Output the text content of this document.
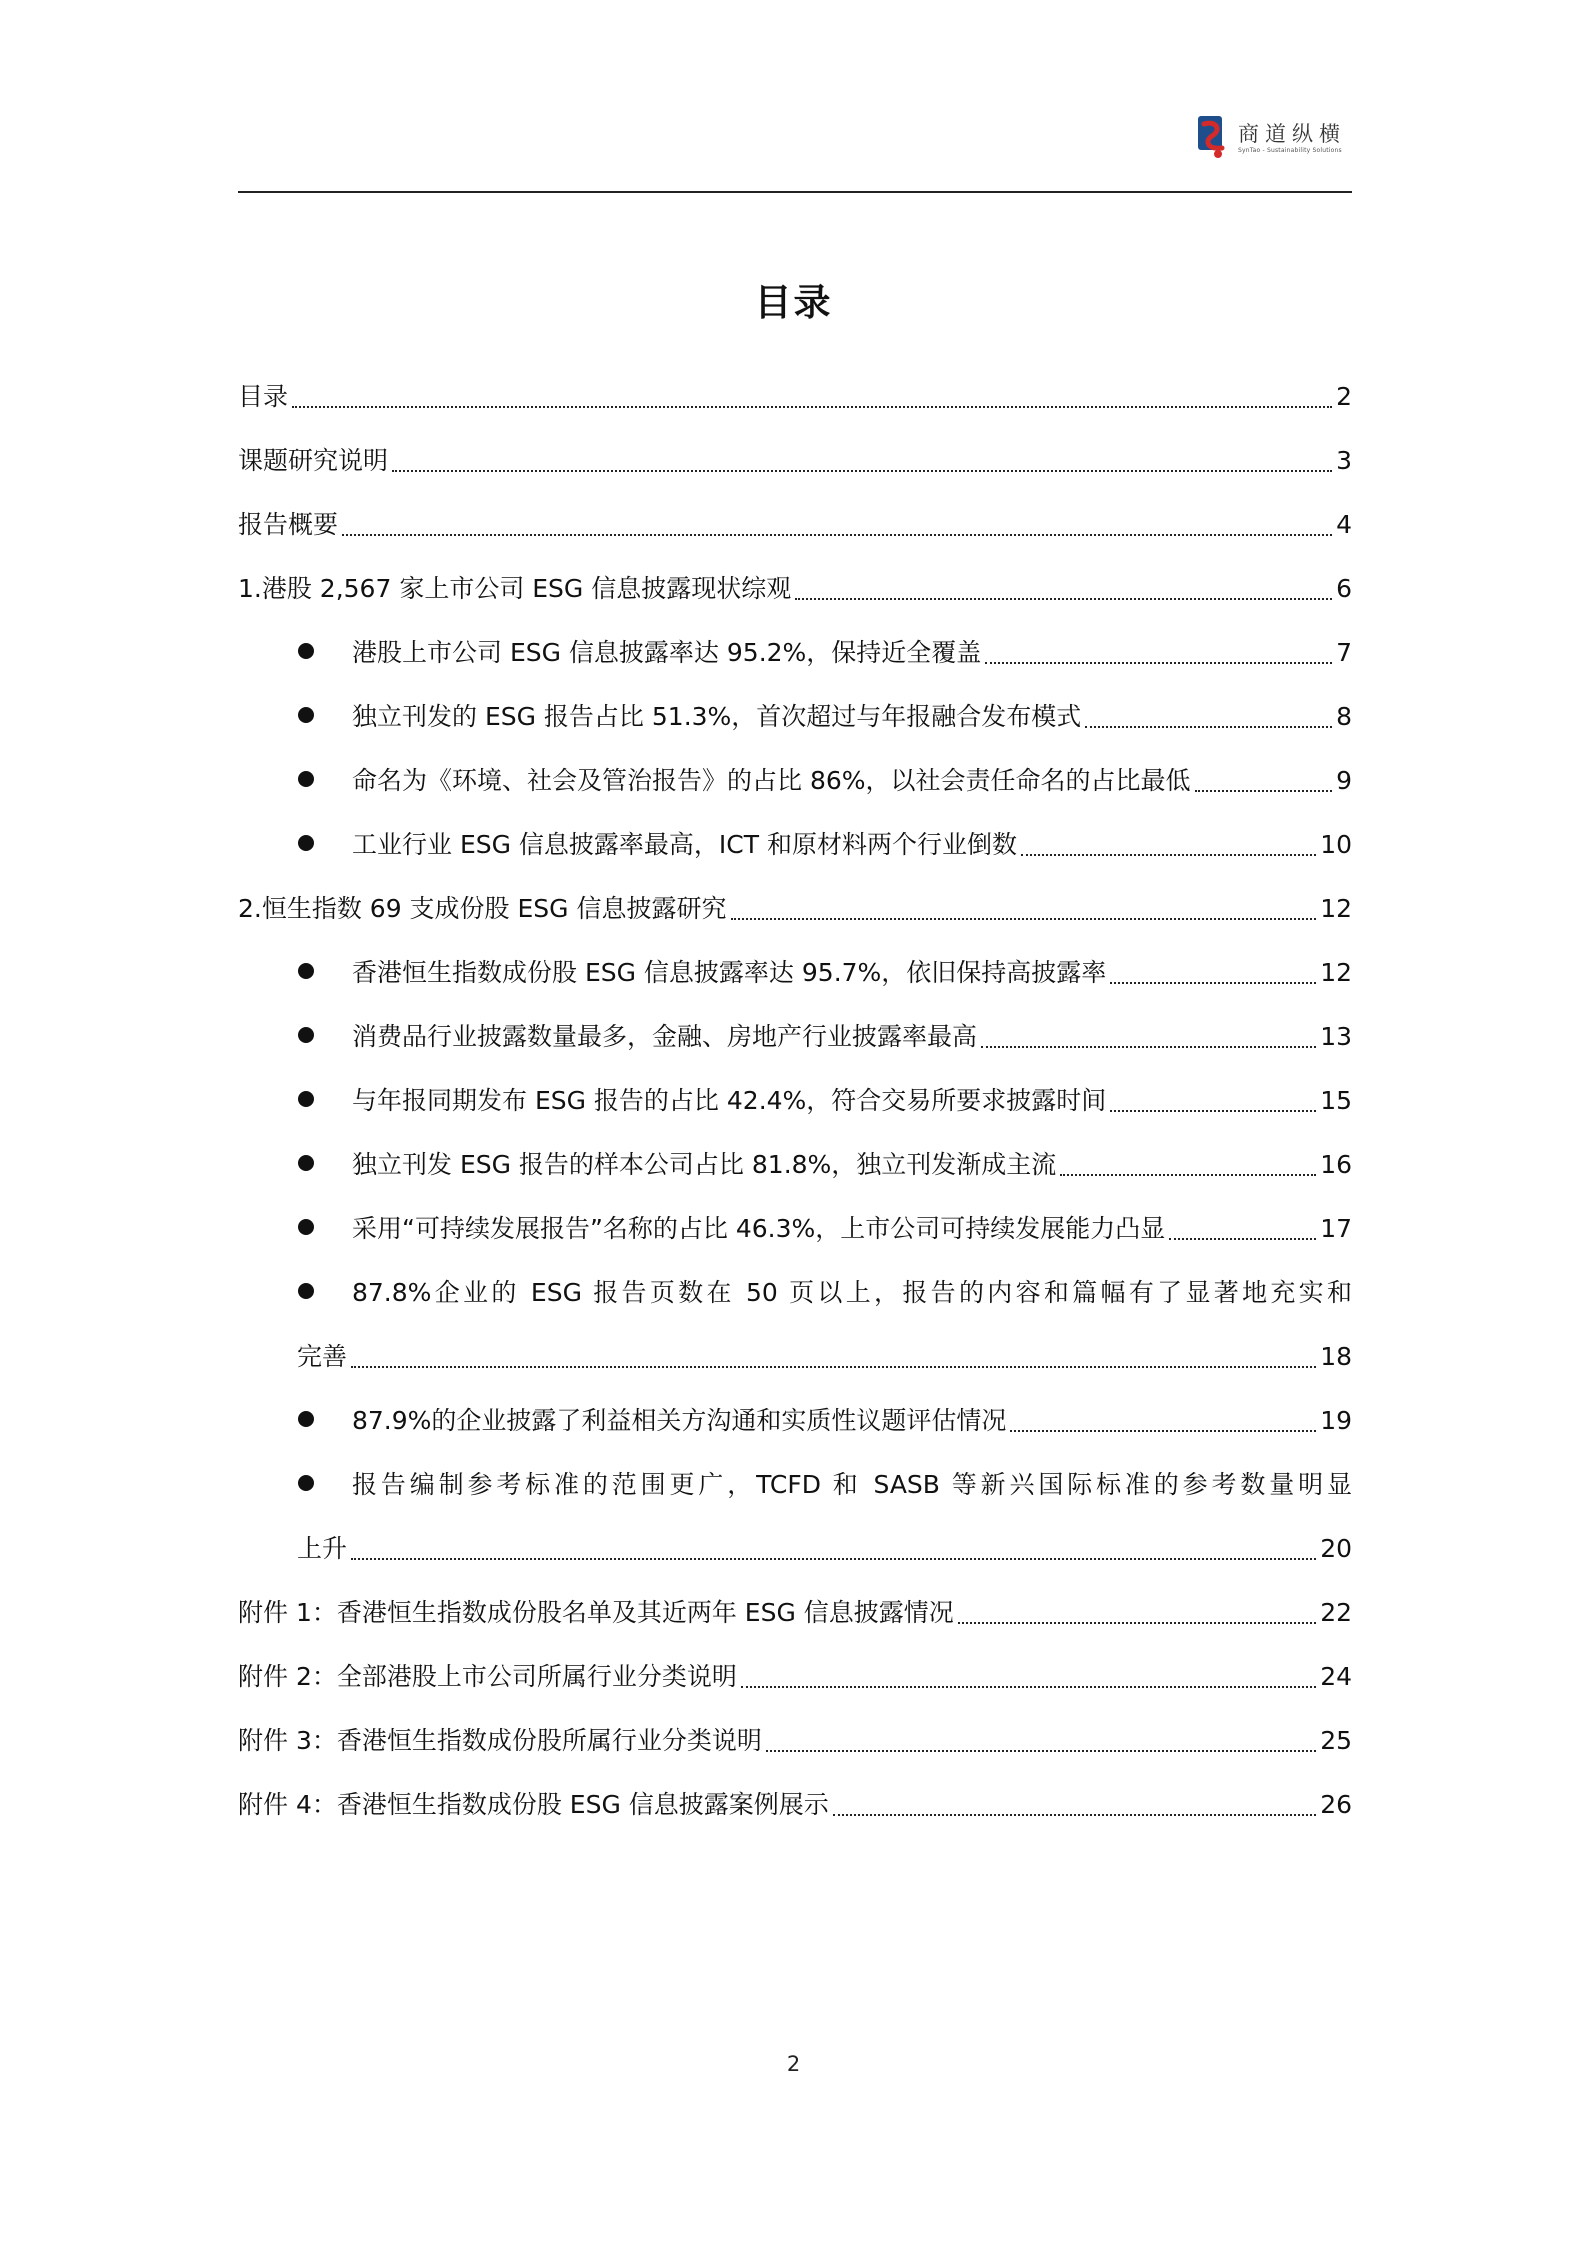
商道纵横
SynTao - Sustainability Solutions
目录
目录	2
课题研究说明	3
报告概要	4
1.港股 2,567 家上市公司 ESG 信息披露现状综观	6
港股上市公司 ESG 信息披露率达 95.2%，保持近全覆盖	7
独立刊发的 ESG 报告占比 51.3%，首次超过与年报融合发布模式	8
命名为《环境、社会及管治报告》的占比 86%，以社会责任命名的占比最低	9
工业行业 ESG 信息披露率最高，ICT 和原材料两个行业倒数	10
2.恒生指数 69 支成份股 ESG 信息披露研究	12
香港恒生指数成份股 ESG 信息披露率达 95.7%，依旧保持高披露率	12
消费品行业披露数量最多，金融、房地产行业披露率最高	13
与年报同期发布 ESG 报告的占比 42.4%，符合交易所要求披露时间	15
独立刊发 ESG 报告的样本公司占比 81.8%，独立刊发渐成主流	16
采用“可持续发展报告”名称的占比 46.3%，上市公司可持续发展能力凸显	17
87.8%企业的 ESG 报告页数在 50 页以上，报告的内容和篇幅有了显著地充实和
完善	18
87.9%的企业披露了利益相关方沟通和实质性议题评估情况	19
报告编制参考标准的范围更广，TCFD 和 SASB 等新兴国际标准的参考数量明显
上升	20
附件 1：香港恒生指数成份股名单及其近两年 ESG 信息披露情况	22
附件 2：全部港股上市公司所属行业分类说明	24
附件 3：香港恒生指数成份股所属行业分类说明	25
附件 4：香港恒生指数成份股 ESG 信息披露案例展示	26
2
